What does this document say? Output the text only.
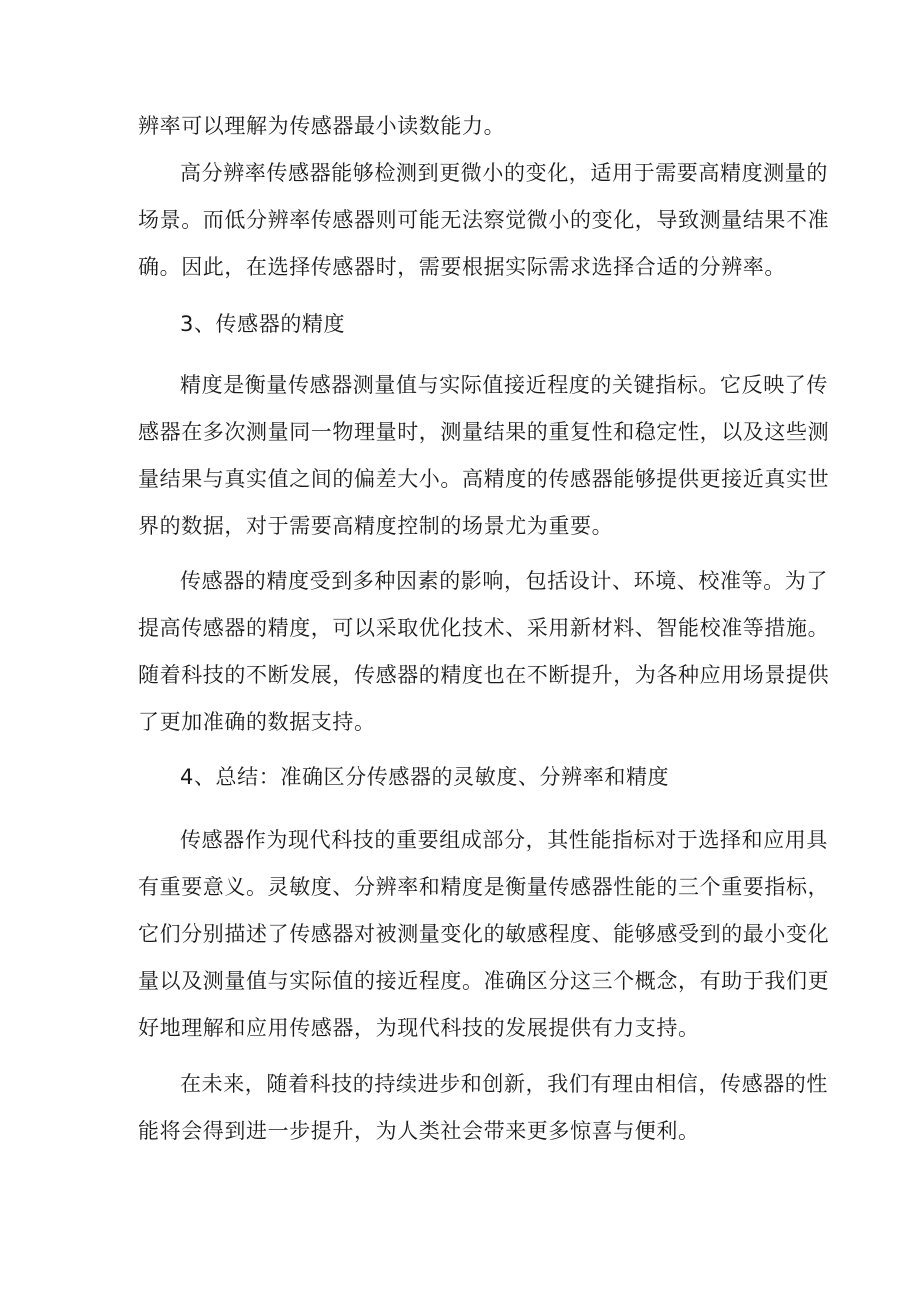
辨率可以理解为传感器最小读数能力。
高分辨率传感器能够检测到更微小的变化，适用于需要高精度测量的
场景。而低分辨率传感器则可能无法察觉微小的变化，导致测量结果不准
确。因此，在选择传感器时，需要根据实际需求选择合适的分辨率。
3、传感器的精度
精度是衡量传感器测量值与实际值接近程度的关键指标。它反映了传
感器在多次测量同一物理量时，测量结果的重复性和稳定性，以及这些测
量结果与真实值之间的偏差大小。高精度的传感器能够提供更接近真实世
界的数据，对于需要高精度控制的场景尤为重要。
传感器的精度受到多种因素的影响，包括设计、环境、校准等。为了
提高传感器的精度，可以采取优化技术、采用新材料、智能校准等措施。
随着科技的不断发展，传感器的精度也在不断提升，为各种应用场景提供
了更加准确的数据支持。
4、总结：准确区分传感器的灵敏度、分辨率和精度
传感器作为现代科技的重要组成部分，其性能指标对于选择和应用具
有重要意义。灵敏度、分辨率和精度是衡量传感器性能的三个重要指标，
它们分别描述了传感器对被测量变化的敏感程度、能够感受到的最小变化
量以及测量值与实际值的接近程度。准确区分这三个概念，有助于我们更
好地理解和应用传感器，为现代科技的发展提供有力支持。
在未来，随着科技的持续进步和创新，我们有理由相信，传感器的性
能将会得到进一步提升，为人类社会带来更多惊喜与便利。
